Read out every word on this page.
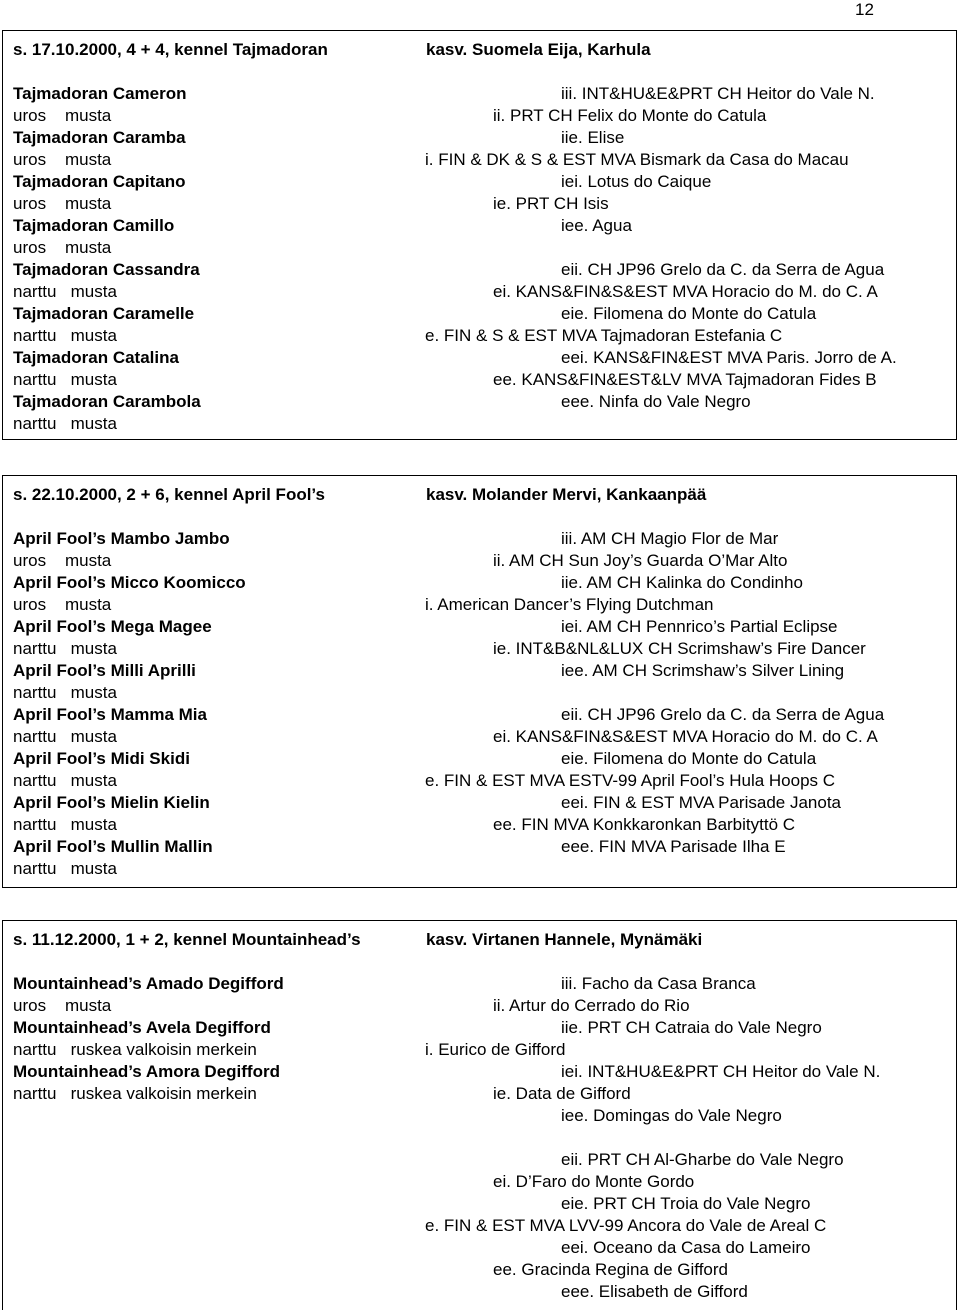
12
s. 17.10.2000, 4 + 4, kennel Tajmadoran	kasv. Suomela Eija, Karhula
Tajmadoran Cameron
uros    musta
Tajmadoran Caramba
uros    musta
Tajmadoran Capitano
uros    musta
Tajmadoran Camillo
uros    musta
Tajmadoran Cassandra
narttu   musta
Tajmadoran Caramelle
narttu   musta
Tajmadoran Catalina
narttu   musta
Tajmadoran Carambola
narttu   musta
iii. INT&HU&E&PRT CH Heitor do Vale N.
ii. PRT CH Felix do Monte do Catula
iie. Elise
i. FIN & DK & S & EST MVA Bismark da Casa do Macau
iei. Lotus do Caique
ie. PRT CH Isis
iee. Agua
eii. CH JP96 Grelo da C. da Serra de Agua
ei. KANS&FIN&S&EST MVA Horacio do M. do C. A
eie. Filomena do Monte do Catula
e. FIN & S & EST MVA Tajmadoran Estefania C
eei. KANS&FIN&EST MVA Paris. Jorro de A.
ee. KANS&FIN&EST&LV MVA Tajmadoran Fides B
eee. Ninfa do Vale Negro
s. 22.10.2000, 2 + 6, kennel April Fool’s	kasv. Molander Mervi, Kankaanpää
April Fool’s Mambo Jambo
uros    musta
April Fool’s Micco Koomicco
uros    musta
April Fool’s Mega Magee
narttu   musta
April Fool’s Milli Aprilli
narttu   musta
April Fool’s Mamma Mia
narttu   musta
April Fool’s Midi Skidi
narttu   musta
April Fool’s Mielin Kielin
narttu   musta
April Fool’s Mullin Mallin
narttu   musta
iii. AM CH Magio Flor de Mar
ii. AM CH Sun Joy’s Guarda O’Mar Alto
iie. AM CH Kalinka do Condinho
i. American Dancer’s Flying Dutchman
iei. AM CH Pennrico’s Partial Eclipse
ie. INT&B&NL&LUX CH Scrimshaw’s Fire Dancer
iee. AM CH Scrimshaw’s Silver Lining
eii. CH JP96 Grelo da C. da Serra de Agua
ei. KANS&FIN&S&EST MVA Horacio do M. do C. A
eie. Filomena do Monte do Catula
e. FIN & EST MVA ESTV-99 April Fool’s Hula Hoops C
eei. FIN & EST MVA Parisade Janota
ee. FIN MVA Konkkaronkan Barbityttö C
eee. FIN MVA Parisade Ilha E
s. 11.12.2000, 1 + 2, kennel Mountainhead’s	kasv. Virtanen Hannele, Mynämäki
Mountainhead’s Amado Degifford
uros    musta
Mountainhead’s Avela Degifford
narttu   ruskea valkoisin merkein
Mountainhead’s Amora Degifford
narttu   ruskea valkoisin merkein
iii. Facho da Casa Branca
ii. Artur do Cerrado do Rio
iie. PRT CH Catraia do Vale Negro
i. Eurico de Gifford
iei. INT&HU&E&PRT CH Heitor do Vale N.
ie. Data de Gifford
iee. Domingas do Vale Negro
eii. PRT CH Al-Gharbe do Vale Negro
ei. D’Faro do Monte Gordo
eie. PRT CH Troia do Vale Negro
e. FIN & EST MVA LVV-99 Ancora do Vale de Areal C
eei. Oceano da Casa do Lameiro
ee. Gracinda Regina de Gifford
eee. Elisabeth de Gifford
